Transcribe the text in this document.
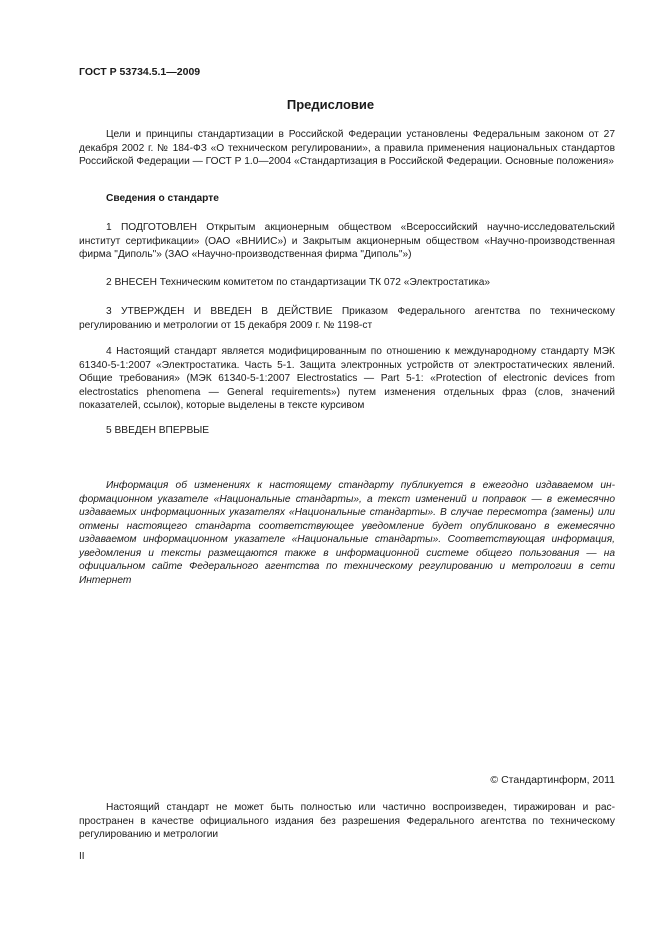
ГОСТ Р 53734.5.1—2009
Предисловие

Цели и принципы стандартизации в Российской Федерации установлены Федеральным законом от 27 декабря 2002 г. № 184-ФЗ «О техническом регулировании», а правила применения национальных стандартов Российской Федерации — ГОСТ Р 1.0—2004 «Стандартизация в Российской Федерации. Основные положения»

Сведения о стандарте

1 ПОДГОТОВЛЕН Открытым акционерным обществом «Всероссийский научно-исследовательский институт сертификации» (ОАО «ВНИИС») и Закрытым акционерным обществом «Научно-производственная фирма "Диполь"» (ЗАО «Научно-производственная фирма "Диполь"»)

2 ВНЕСЕН Техническим комитетом по стандартизации ТК 072 «Электростатика»

3 УТВЕРЖДЕН И ВВЕДЕН В ДЕЙСТВИЕ Приказом Федерального агентства по техническому регулированию и метрологии от 15 декабря 2009 г. № 1198-ст

4 Настоящий стандарт является модифицированным по отношению к международному стандарту МЭК 61340-5-1:2007 «Электростатика. Часть 5-1. Защита электронных устройств от электростатических явлений. Общие требования» (МЭК 61340-5-1:2007 Electrostatics — Part 5-1: «Protection of electronic devices from electrostatics phenomena — General requirements») путем изменения отдельных фраз (слов, значений показателей, ссылок), которые выделены в тексте курсивом

5 ВВЕДЕН ВПЕРВЫЕ

Информация об изменениях к настоящему стандарту публикуется в ежегодно издаваемом информационном указателе «Национальные стандарты», а текст изменений и поправок — в ежемесячно издаваемых информационных указателях «Национальные стандарты». В случае пересмотра (замены) или отмены настоящего стандарта соответствующее уведомление будет опубликовано в ежемесячно издаваемом информационном указателе «Национальные стандарты». Соответствующая информация, уведомления и тексты размещаются также в информационной системе общего пользования — на официальном сайте Федерального агентства по техническому регулированию и метрологии в сети Интернет

© Стандартинформ, 2011

Настоящий стандарт не может быть полностью или частично воспроизведен, тиражирован и распространен в качестве официального издания без разрешения Федерального агентства по техническому регулированию и метрологии

II
